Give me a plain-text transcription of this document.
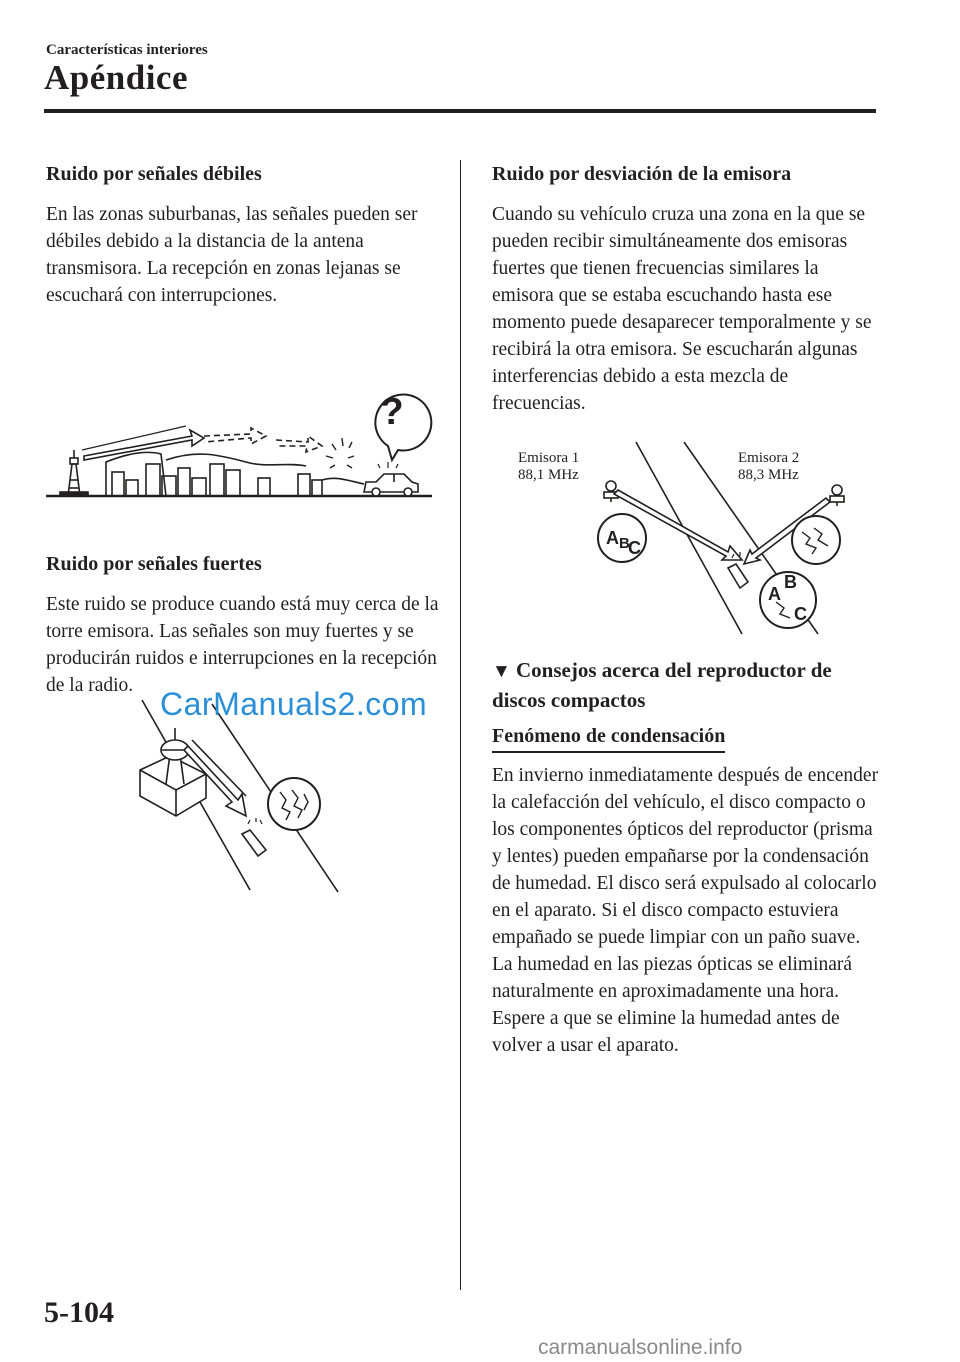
Características interiores
Apéndice
Ruido por señales débiles
En las zonas suburbanas, las señales pueden ser débiles debido a la distancia de la antena transmisora. La recepción en zonas lejanas se escuchará con interrupciones.
?
Ruido por señales fuertes
Este ruido se produce cuando está muy cerca de la torre emisora. Las señales son muy fuertes y se producirán ruidos e interrupciones en la recepción de la radio.
Ruido por desviación de la emisora
Cuando su vehículo cruza una zona en la que se pueden recibir simultáneamente dos emisoras fuertes que tienen frecuencias similares la emisora que se estaba escuchando hasta ese momento puede desaparecer temporalmente y se recibirá la otra emisora. Se escucharán algunas interferencias debido a esta mezcla de frecuencias.
Emisora 1
88,1 MHz
Emisora 2
88,3 MHz
A B
C
A
B
C
▼ Consejos acerca del reproductor de discos compactos
Fenómeno de condensación
En invierno inmediatamente después de encender la calefacción del vehículo, el disco compacto o los componentes ópticos del reproductor (prisma y lentes) pueden empañarse por la condensación de humedad. El disco será expulsado al colocarlo en el aparato. Si el disco compacto estuviera empañado se puede limpiar con un paño suave. La humedad en las piezas ópticas se eliminará naturalmente en aproximadamente una hora. Espere a que se elimine la humedad antes de volver a usar el aparato.
5-104
CarManuals2.com
carmanualsonline.info
